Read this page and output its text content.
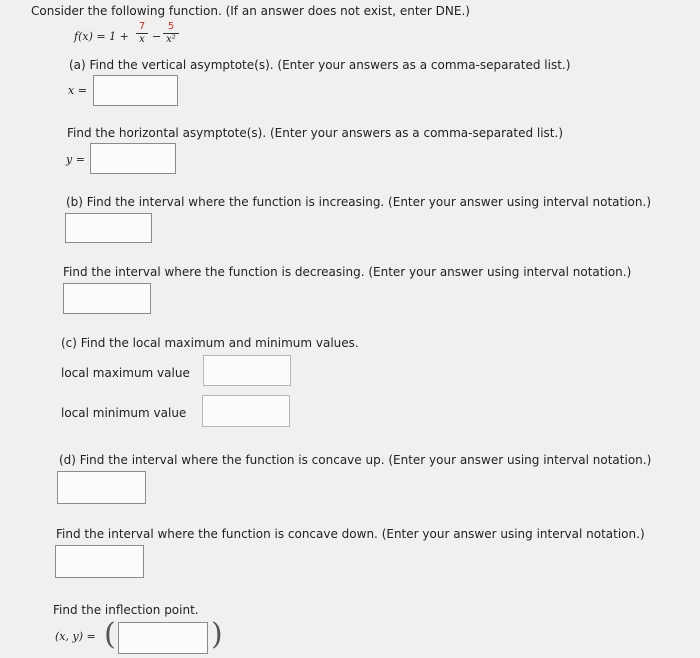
Consider the following function. (If an answer does not exist, enter DNE.)
f(x) = 1 +
7
x −
5
x²
(a) Find the vertical asymptote(s). (Enter your answers as a comma-separated list.)
x =
Find the horizontal asymptote(s). (Enter your answers as a comma-separated list.)
y =
(b) Find the interval where the function is increasing. (Enter your answer using interval notation.)
Find the interval where the function is decreasing. (Enter your answer using interval notation.)
(c) Find the local maximum and minimum values.
local maximum value
local minimum value
(d) Find the interval where the function is concave up. (Enter your answer using interval notation.)
Find the interval where the function is concave down. (Enter your answer using interval notation.)
Find the inflection point.
(x, y) = (	)
